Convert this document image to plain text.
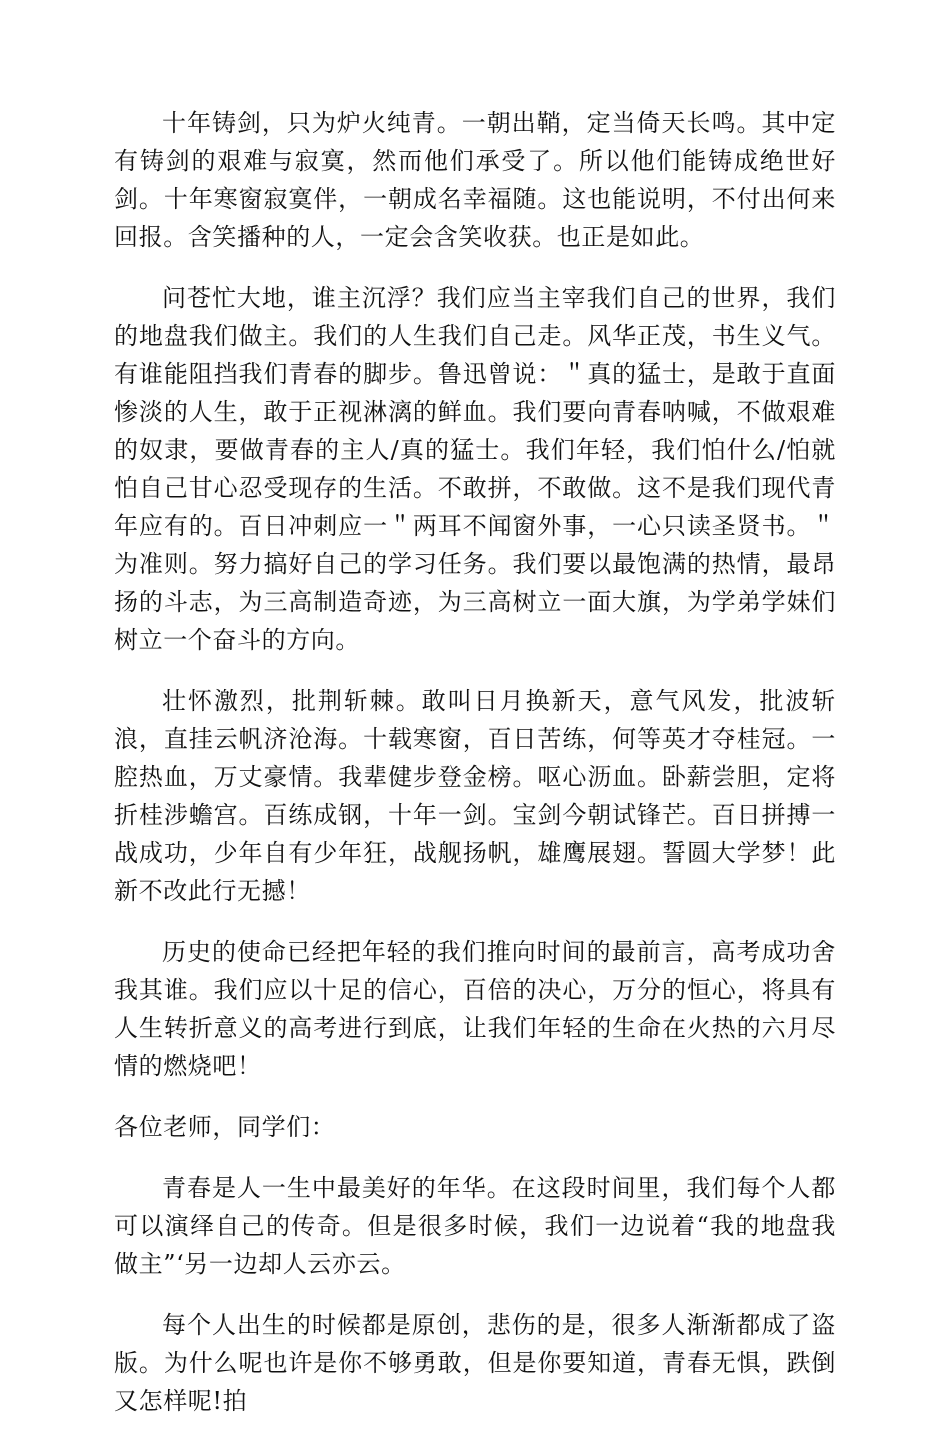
十年铸剑，只为炉火纯青。一朝出鞘，定当倚天长鸣。其中定有铸剑的艰难与寂寞，然而他们承受了。所以他们能铸成绝世好剑。十年寒窗寂寞伴，一朝成名幸福随。这也能说明，不付出何来回报。含笑播种的人，一定会含笑收获。也正是如此。

问苍忙大地，谁主沉浮？我们应当主宰我们自己的世界，我们的地盘我们做主。我们的人生我们自己走。风华正茂，书生义气。有谁能阻挡我们青春的脚步。鲁迅曾说：＂真的猛士，是敢于直面惨淡的人生，敢于正视淋漓的鲜血。我们要向青春呐喊，不做艰难的奴隶，要做青春的主人/真的猛士。我们年轻，我们怕什么/怕就怕自己甘心忍受现存的生活。不敢拼，不敢做。这不是我们现代青年应有的。百日冲刺应一＂两耳不闻窗外事，一心只读圣贤书。＂为准则。努力搞好自己的学习任务。我们要以最饱满的热情，最昂扬的斗志，为三高制造奇迹，为三高树立一面大旗，为学弟学妹们树立一个奋斗的方向。

壮怀激烈，批荆斩棘。敢叫日月换新天，意气风发，批波斩浪，直挂云帆济沧海。十载寒窗，百日苦练，何等英才夺桂冠。一腔热血，万丈豪情。我辈健步登金榜。呕心沥血。卧薪尝胆，定将折桂涉蟾宫。百练成钢，十年一剑。宝剑今朝试锋芒。百日拼搏一战成功，少年自有少年狂，战舰扬帆，雄鹰展翅。誓圆大学梦！此新不改此行无撼！

历史的使命已经把年轻的我们推向时间的最前言，高考成功舍我其谁。我们应以十足的信心，百倍的决心，万分的恒心，将具有人生转折意义的高考进行到底，让我们年轻的生命在火热的六月尽情的燃烧吧！

各位老师，同学们：

青春是人一生中最美好的年华。在这段时间里，我们每个人都可以演绎自己的传奇。但是很多时候，我们一边说着“我的地盘我做主”‘另一边却人云亦云。

每个人出生的时候都是原创，悲伤的是，很多人渐渐都成了盗版。为什么呢也许是你不够勇敢，但是你要知道，青春无惧，跌倒又怎样呢!拍
